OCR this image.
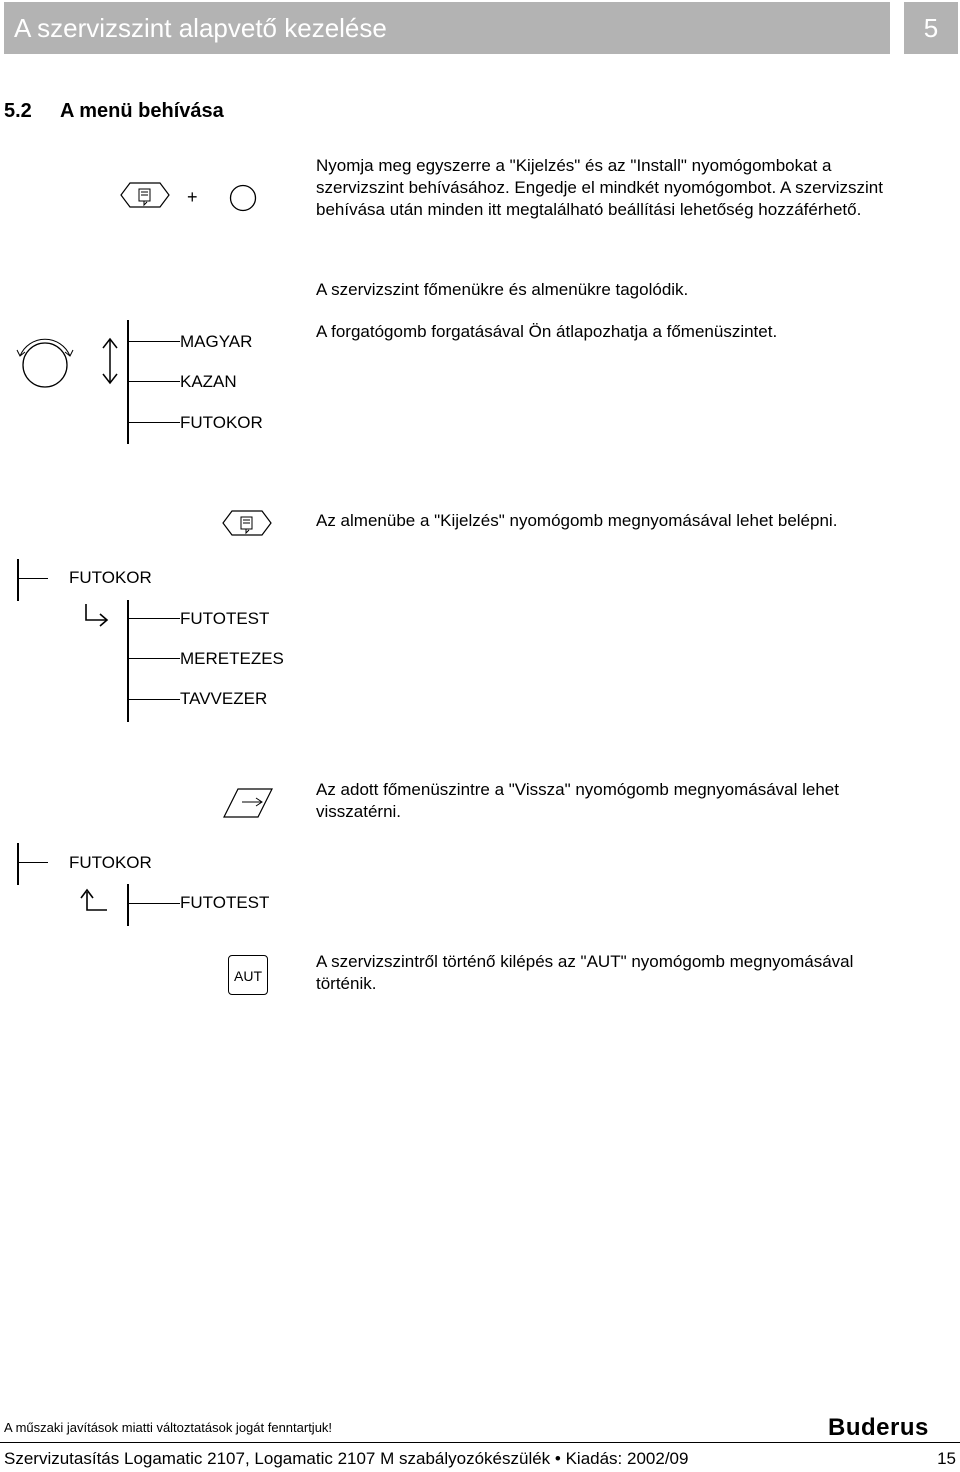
A szervizszint alapvető kezelése	5
5.2 A menü behívása
+
Nyomja meg egyszerre a "Kijelzés" és az "Install" nyomógombokat a szervizszint behívásához. Engedje el mindkét nyomógombot. A szervizszint behívása után minden itt megtalálható beállítási lehetőség hozzáférhető.
A szervizszint főmenükre és almenükre tagolódik.
A forgatógomb forgatásával Ön átlapozhatja a főmenüszintet.
MAGYAR
KAZAN
FUTOKOR
Az almenübe a "Kijelzés" nyomógomb megnyomásával lehet belépni.
FUTOKOR
FUTOTEST
MERETEZES
TAVVEZER
Az adott főmenüszintre a "Vissza" nyomógomb megnyomásával lehet visszatérni.
FUTOKOR
FUTOTEST
AUT
A szervizszintről történő kilépés az "AUT" nyomógomb megnyomásával történik.
A műszaki javítások miatti változtatások jogát fenntartjuk!	Buderus
Szervizutasítás Logamatic 2107, Logamatic 2107 M szabályozókészülék • Kiadás: 2002/09	15
